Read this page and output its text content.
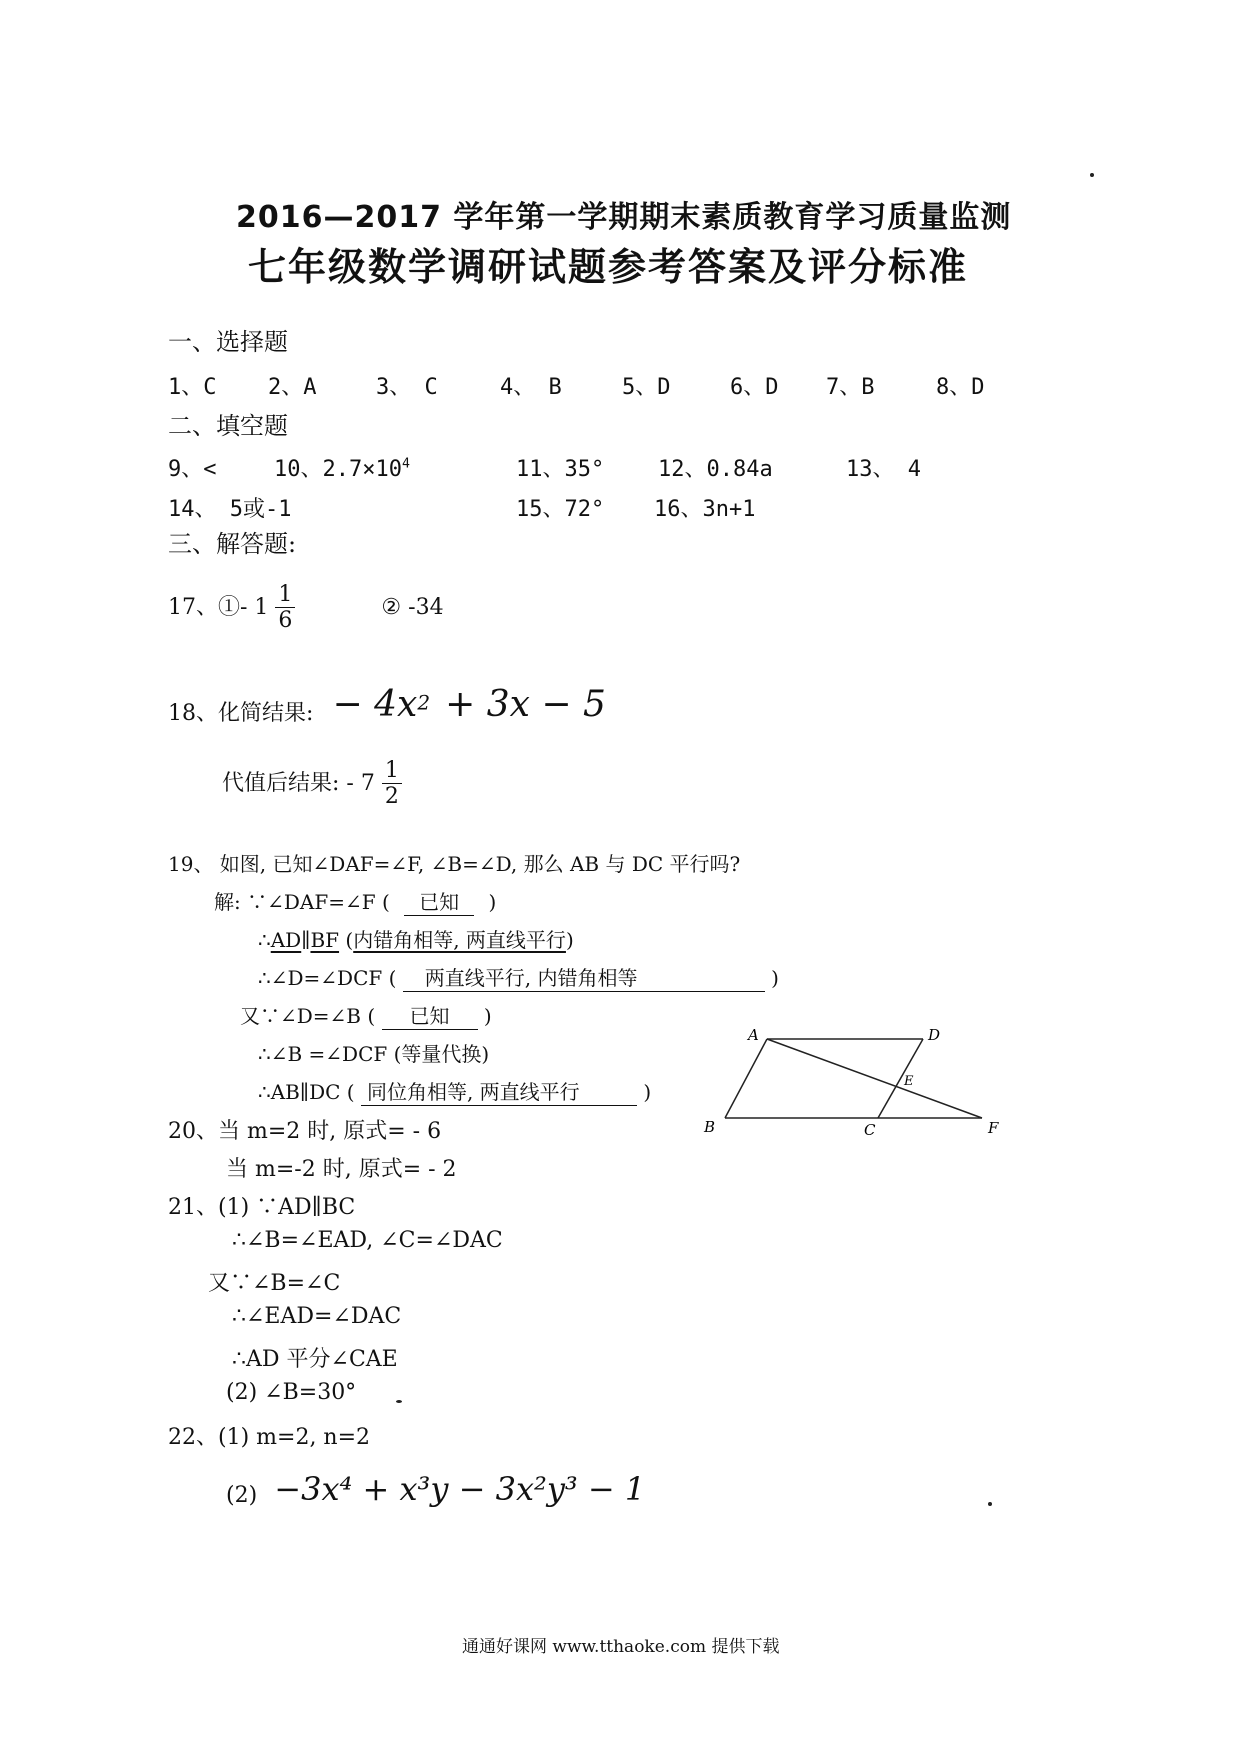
2016—2017 学年第一学期期末素质教育学习质量监测
七年级数学调研试题参考答案及评分标准
一、选择题
1、C 2、A	3、 C	4、 B	5、D	6、D 7、B	8、D
二、填空题
9、<	10、$2.7\times 10^4$	11、35° 12、0.84a	13、 4
14、 5或-1	15、72° 16、3n+1
三、解答题:
17、①- $1 \frac{1}{6}$	② -34
18、化简结果: − $4x^2 + 3x - 5$
代值后结果: - $7 \frac{1}{2}$
19、 如图, 已知∠DAF=∠F, ∠B=∠D, 那么 AB 与 DC 平行吗?
解: ∵∠DAF=∠F ( 已知 )
∴AD∥BF (内错角相等, 两直线平行)
∴∠D=∠DCF ( 两直线平行, 内错角相等	)
又∵∠D=∠B ( 已知 )
∴∠B =∠DCF (等量代换)
∴AB∥DC ( 同位角相等, 两直线平行	)
A	D
E
B	C	F
20、当 m=2 时, 原式= - 6
当 m=-2 时, 原式= - 2
21、(1) ∵AD∥BC
∴∠B=∠EAD, ∠C=∠DAC
又∵∠B=∠C
∴∠EAD=∠DAC
∴AD 平分∠CAE
(2) ∠B=30°
22、(1) m=2, n=2
(2) −3x⁴ + x³y − 3x²y³ − 1
通通好课网 www.tthaoke.com 提供下载
